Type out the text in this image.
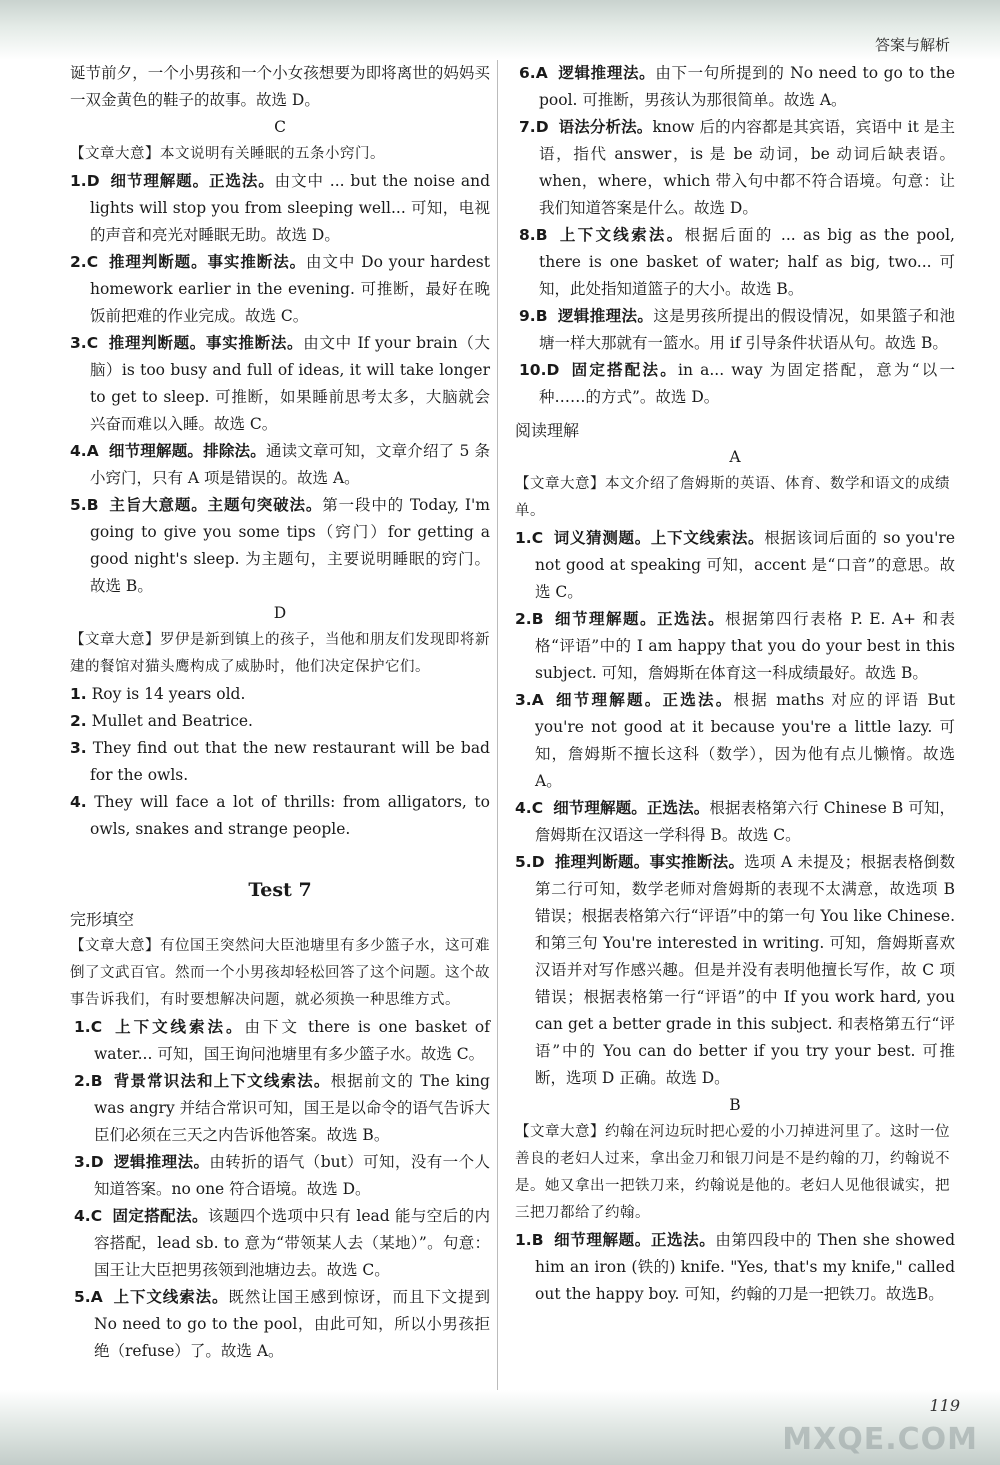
答案与解析

诞节前夕，一个小男孩和一个小女孩想要为即将离世的妈妈买一双金黄色的鞋子的故事。故选 D。

C

【文章大意】本文说明有关睡眠的五条小窍门。

1.D 细节理解题。正选法。由文中 ... but the noise and lights will stop you from sleeping well... 可知，电视的声音和亮光对睡眠无助。故选 D。

2.C 推理判断题。事实推断法。由文中 Do your hardest homework earlier in the evening. 可推断，最好在晚饭前把难的作业完成。故选 C。

3.C 推理判断题。事实推断法。由文中 If your brain（大脑）is too busy and full of ideas, it will take longer to get to sleep. 可推断，如果睡前思考太多，大脑就会兴奋而难以入睡。故选 C。

4.A 细节理解题。排除法。通读文章可知，文章介绍了 5 条小窍门，只有 A 项是错误的。故选 A。

5.B 主旨大意题。主题句突破法。第一段中的 Today, I'm going to give you some tips（窍门）for getting a good night's sleep. 为主题句，主要说明睡眠的窍门。故选 B。

D

【文章大意】罗伊是新到镇上的孩子，当他和朋友们发现即将新建的餐馆对猫头鹰构成了威胁时，他们决定保护它们。

1. Roy is 14 years old.

2. Mullet and Beatrice.

3. They find out that the new restaurant will be bad for the owls.

4. They will face a lot of thrills: from alligators, to owls, snakes and strange people.

Test 7

完形填空

【文章大意】有位国王突然问大臣池塘里有多少篮子水，这可难倒了文武百官。然而一个小男孩却轻松回答了这个问题。这个故事告诉我们，有时要想解决问题，就必须换一种思维方式。

1.C 上下文线索法。由下文 there is one basket of water... 可知，国王询问池塘里有多少篮子水。故选 C。

2.B 背景常识法和上下文线索法。根据前文的 The king was angry 并结合常识可知，国王是以命令的语气告诉大臣们必须在三天之内告诉他答案。故选 B。

3.D 逻辑推理法。由转折的语气（but）可知，没有一个人知道答案。no one 符合语境。故选 D。

4.C 固定搭配法。该题四个选项中只有 lead 能与空后的内容搭配，lead sb. to 意为“带领某人去（某地）”。句意：国王让大臣把男孩领到池塘边去。故选 C。

5.A 上下文线索法。既然让国王感到惊讶，而且下文提到 No need to go to the pool，由此可知，所以小男孩拒绝（refuse）了。故选 A。

6.A 逻辑推理法。由下一句所提到的 No need to go to the pool. 可推断，男孩认为那很简单。故选 A。

7.D 语法分析法。know 后的内容都是其宾语，宾语中 it 是主语，指代 answer，is 是 be 动词，be 动词后缺表语。when，where，which 带入句中都不符合语境。句意：让我们知道答案是什么。故选 D。

8.B 上下文线索法。根据后面的 ... as big as the pool, there is one basket of water; half as big, two... 可知，此处指知道篮子的大小。故选 B。

9.B 逻辑推理法。这是男孩所提出的假设情况，如果篮子和池塘一样大那就有一篮水。用 if 引导条件状语从句。故选 B。

10.D 固定搭配法。in a... way 为固定搭配，意为“以一种……的方式”。故选 D。

阅读理解

A

【文章大意】本文介绍了詹姆斯的英语、体育、数学和语文的成绩单。

1.C 词义猜测题。上下文线索法。根据该词后面的 so you're not good at speaking 可知，accent 是“口音”的意思。故选 C。

2.B 细节理解题。正选法。根据第四行表格 P. E. A+ 和表格“评语”中的 I am happy that you do your best in this subject. 可知，詹姆斯在体育这一科成绩最好。故选 B。

3.A 细节理解题。正选法。根据 maths 对应的评语 But you're not good at it because you're a little lazy. 可知，詹姆斯不擅长这科（数学），因为他有点儿懒惰。故选 A。

4.C 细节理解题。正选法。根据表格第六行 Chinese B 可知，詹姆斯在汉语这一学科得 B。故选 C。

5.D 推理判断题。事实推断法。选项 A 未提及；根据表格倒数第二行可知，数学老师对詹姆斯的表现不太满意，故选项 B 错误；根据表格第六行“评语”中的第一句 You like Chinese. 和第三句 You're interested in writing. 可知，詹姆斯喜欢汉语并对写作感兴趣。但是并没有表明他擅长写作，故 C 项错误；根据表格第一行“评语”的中 If you work hard, you can get a better grade in this subject. 和表格第五行“评语”中的 You can do better if you try your best. 可推断，选项 D 正确。故选 D。

B

【文章大意】约翰在河边玩时把心爱的小刀掉进河里了。这时一位善良的老妇人过来，拿出金刀和银刀问是不是约翰的刀，约翰说不是。她又拿出一把铁刀来，约翰说是他的。老妇人见他很诚实，把三把刀都给了约翰。

1.B 细节理解题。正选法。由第四段中的 Then she showed him an iron (铁的) knife. "Yes, that's my knife," called out the happy boy. 可知，约翰的刀是一把铁刀。故选B。

119
MXQE.COM
